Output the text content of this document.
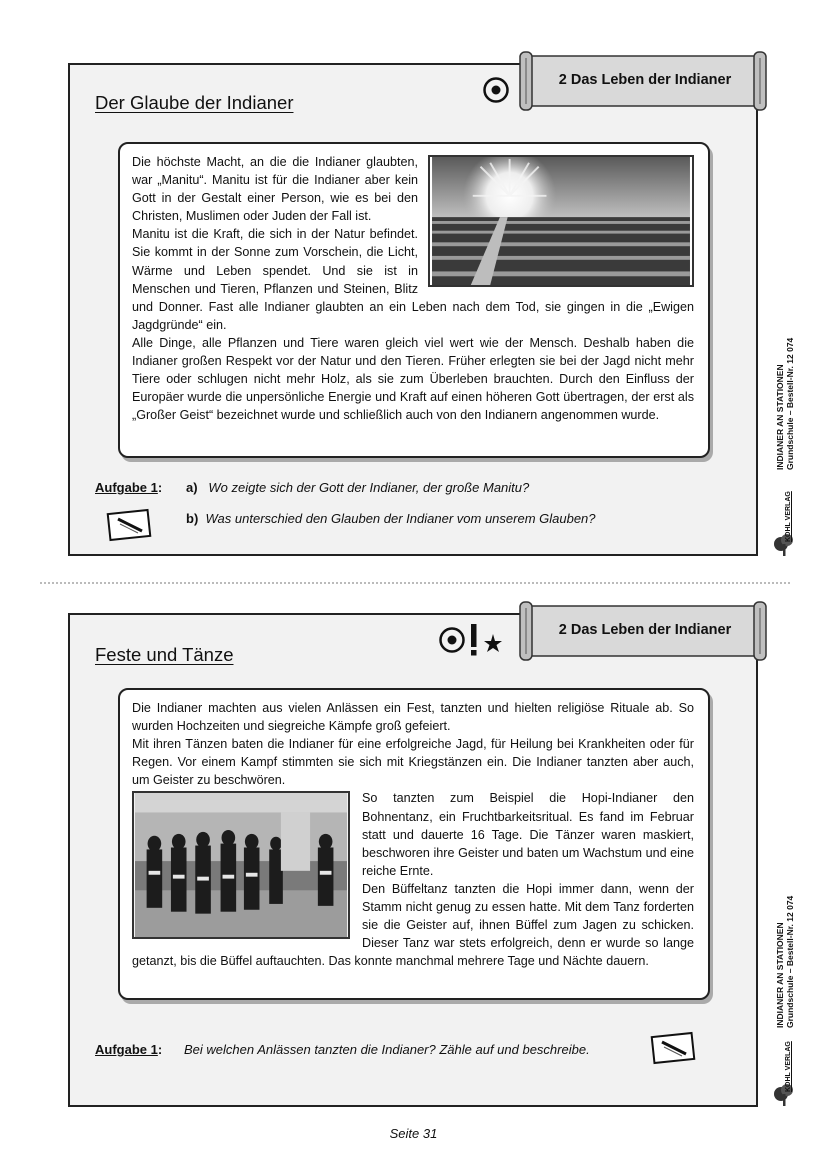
2 Das Leben der Indianer
Der Glaube der Indianer

Die höchste Macht, an die die Indianer glaubten, war „Manitu“. Manitu ist für die Indianer aber kein Gott in der Gestalt einer Person, wie es bei den Christen, Muslimen oder Juden der Fall ist.

Manitu ist die Kraft, die sich in der Natur befindet. Sie kommt in der Sonne zum Vorschein, die Licht, Wärme und Leben spendet. Und sie ist in Menschen und Tieren, Pflanzen und Steinen, Blitz und Donner. Fast alle Indianer glaubten an ein Leben nach dem Tod, sie gingen in die „Ewigen Jagdgründe“ ein.

Alle Dinge, alle Pflanzen und Tiere waren gleich viel wert wie der Mensch. Deshalb haben die Indianer großen Respekt vor der Natur und den Tieren. Früher erlegten sie bei der Jagd nicht mehr Tiere oder schlugen nicht mehr Holz, als sie zum Überleben brauchten. Durch den Einfluss der Europäer wurde die unpersönliche Energie und Kraft auf einen höheren Gott übertragen, der erst als „Großer Geist“ bezeichnet wurde und schließlich auch von den Indianern angenommen wurde.

Aufgabe 1: a) Wo zeigte sich der Gott der Indianer, der große Manitu?
b) Was unterschied den Glauben der Indianer vom unserem Glauben?
2 Das Leben der Indianer
Feste und Tänze

Die Indianer machten aus vielen Anlässen ein Fest, tanzten und hielten religiöse Rituale ab. So wurden Hochzeiten und siegreiche Kämpfe groß gefeiert.

Mit ihren Tänzen baten die Indianer für eine erfolgreiche Jagd, für Heilung bei Krankheiten oder für Regen. Vor einem Kampf stimmten sie sich mit Kriegstänzen ein. Die Indianer tanzten aber auch, um Geister zu beschwören.

So tanzten zum Beispiel die Hopi-Indianer den Bohnentanz, ein Fruchtbarkeitsritual. Es fand im Februar statt und dauerte 16 Tage. Die Tänzer waren maskiert, beschworen ihre Geister und baten um Wachstum und eine reiche Ernte.

Den Büffeltanz tanzten die Hopi immer dann, wenn der Stamm nicht genug zu essen hatte. Mit dem Tanz forderten sie die Geister auf, ihnen Büffel zum Jagen zu schicken. Dieser Tanz war stets erfolgreich, denn er wurde so lange getanzt, bis die Büffel auftauchten. Das konnte manchmal mehrere Tage und Nächte dauern.

Aufgabe 1: Bei welchen Anlässen tanzten die Indianer? Zähle auf und beschreibe.
INDIANER AN STATIONEN Grundschule – Bestell-Nr. 12 074
INDIANER AN STATIONEN Grundschule – Bestell-Nr. 12 074
KOHL VERLAG
KOHL VERLAG
Seite 31
